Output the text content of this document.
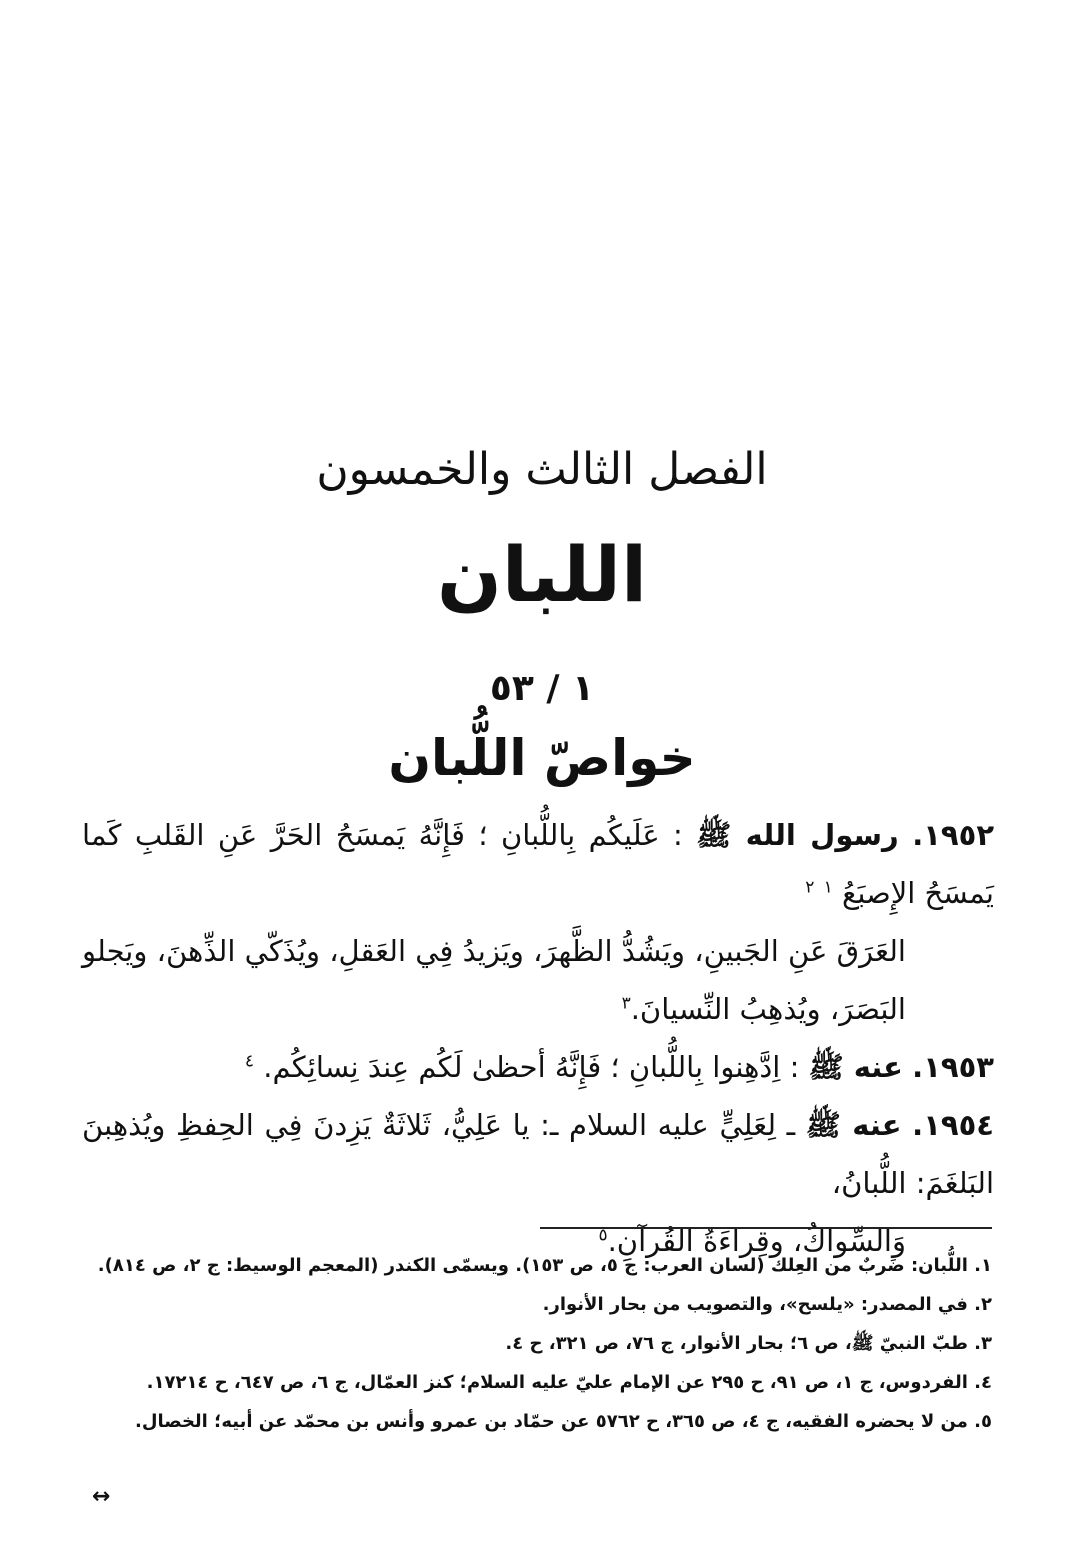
الفصل الثالث والخمسون
اللبان
١ / ٥٣
خواصّ اللُّبان

١٩٥٢. رسول الله ﷺ : عَلَيكُم بِاللُّبانِ ؛ فَإِنَّهُ يَمسَحُ الحَرَّ عَنِ القَلبِ كَما يَمسَحُ الإِصبَعُ $^١$ $^٢$
العَرَقَ عَنِ الجَبينِ، ويَشُدُّ الظَّهرَ، ويَزيدُ فِي العَقلِ، ويُذَكّي الذِّهنَ، ويَجلو البَصَرَ، ويُذهِبُ النِّسيانَ.$^٣$

١٩٥٣. عنه ﷺ : اِدَّهِنوا بِاللُّبانِ ؛ فَإِنَّهُ أحظىٰ لَكُم عِندَ نِسائِكُم. $^٤$

١٩٥٤. عنه ﷺ ـ لِعَلِيٍّ عليه السلام ـ: يا عَلِيُّ، ثَلاثَةٌ يَزِدنَ فِي الحِفظِ ويُذهِبنَ البَلغَمَ: اللُّبانُ،
وَالسِّواكُ، وقِراءَةُ القُرآنِ.$^٥$

١. اللُّبان: ضَربٌ من العِلك (لسان العرب: ج ٥، ص ١٥٣). ويسمّى الكندر (المعجم الوسيط: ج ٢، ص ٨١٤).
٢. في المصدر: «يلسح»، والتصويب من بحار الأنوار.
٣. طبّ النبيّ ﷺ، ص ٦؛ بحار الأنوار، ج ٧٦، ص ٣٢١، ح ٤.
٤. الفردوس، ج ١، ص ٩١، ح ٢٩٥ عن الإمام عليّ عليه السلام؛ كنز العمّال، ج ٦، ص ٦٤٧، ح ١٧٢١٤.
٥. من لا يحضره الفقيه، ج ٤، ص ٣٦٥، ح ٥٧٦٢ عن حمّاد بن عمرو وأنس بن محمّد عن أبيه؛ الخصال.
↔
